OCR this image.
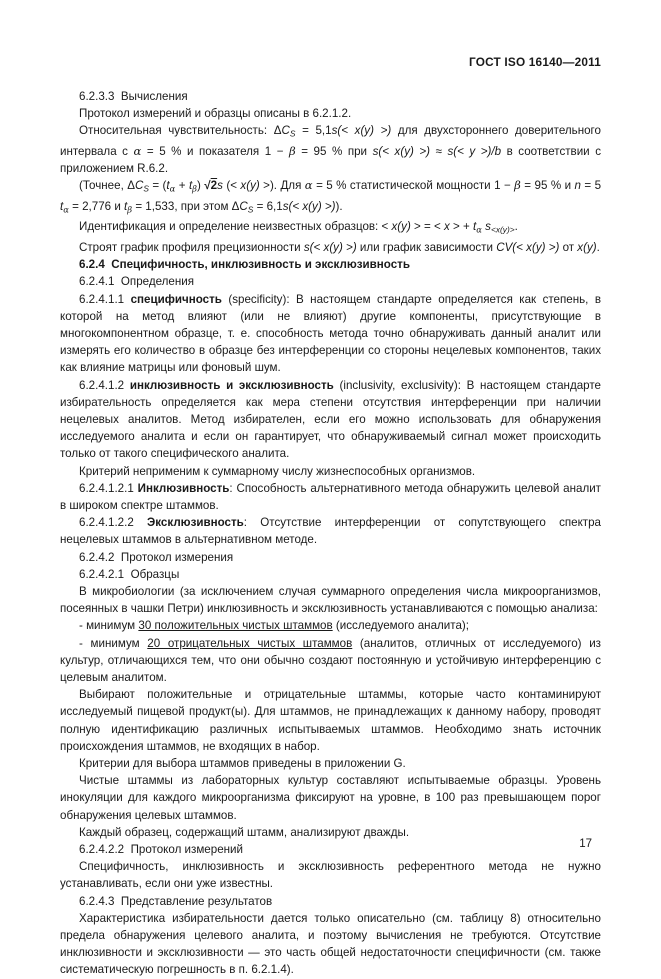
ГОСТ ISO 16140—2011

6.2.3.3  Вычисления

Протокол измерений и образцы описаны в 6.2.1.2.

Относительная чувствительность: $\Delta C_S = 5,1s(< x(y)$ >) для двухстороннего доверительного интервала с α = 5 % и показателя 1 − β = 95 % при s(< x(y) >) ≈ s(< y >)/b в соответствии с приложением R.6.2.

(Точнее, $\Delta C_S = (t_\alpha + t_\beta)$ √2s (< x(y) >). Для α = 5 % статистической мощности 1 − β = 95 % и n = 5 $t_\alpha = 2,776$ и $t_\beta = 1,533$, при этом $\Delta C_S = 6,1s(< x(y)$ >)).

Идентификация и определение неизвестных образцов: < x(y) > = < x > + $t_\alpha$ $s_{<x(y)>}$.

Строят график профиля прецизионности s(< x(y) >) или график зависимости CV(< x(y) >) от x(y).

6.2.4  Специфичность, инклюзивность и эксклюзивность

6.2.4.1  Определения

6.2.4.1.1 специфичность (specificity): В настоящем стандарте определяется как степень, в которой на метод влияют (или не влияют) другие компоненты, присутствующие в многокомпонентном образце, т. е. способность метода точно обнаруживать данный аналит или измерять его количество в образце без интерференции со стороны нецелевых компонентов, таких как влияние матрицы или фоновый шум.

6.2.4.1.2 инклюзивность и эксклюзивность (inclusivity, exclusivity): В настоящем стандарте избирательность определяется как мера степени отсутствия интерференции при наличии нецелевых аналитов. Метод избирателен, если его можно использовать для обнаружения исследуемого аналита и если он гарантирует, что обнаруживаемый сигнал может происходить только от такого специфического аналита.

Критерий неприменим к суммарному числу жизнеспособных организмов.

6.2.4.1.2.1 Инклюзивность: Способность альтернативного метода обнаружить целевой аналит в широком спектре штаммов.

6.2.4.1.2.2 Эксклюзивность: Отсутствие интерференции от сопутствующего спектра нецелевых штаммов в альтернативном методе.

6.2.4.2  Протокол измерения

6.2.4.2.1  Образцы

В микробиологии (за исключением случая суммарного определения числа микроорганизмов, посеянных в чашки Петри) инклюзивность и эксклюзивность устанавливаются с помощью анализа:

- минимум 30 положительных чистых штаммов (исследуемого аналита);

- минимум 20 отрицательных чистых штаммов (аналитов, отличных от исследуемого) из культур, отличающихся тем, что они обычно создают постоянную и устойчивую интерференцию с целевым аналитом.

Выбирают положительные и отрицательные штаммы, которые часто контаминируют исследуемый пищевой продукт(ы). Для штаммов, не принадлежащих к данному набору, проводят полную идентификацию различных испытываемых штаммов. Необходимо знать источник происхождения штаммов, не входящих в набор.

Критерии для выбора штаммов приведены в приложении G.

Чистые штаммы из лабораторных культур составляют испытываемые образцы. Уровень инокуляции для каждого микроорганизма фиксируют на уровне, в 100 раз превышающем порог обнаружения целевых штаммов.

Каждый образец, содержащий штамм, анализируют дважды.

6.2.4.2.2  Протокол измерений

Специфичность, инклюзивность и эксклюзивность референтного метода не нужно устанавливать, если они уже известны.

6.2.4.3  Представление результатов

Характеристика избирательности дается только описательно (см. таблицу 8) относительно предела обнаружения целевого аналита, и поэтому вычисления не требуются. Отсутствие инклюзивности и эксклюзивности — это часть общей недостаточности специфичности (см. также систематическую погрешность в п. 6.2.1.4).

17
